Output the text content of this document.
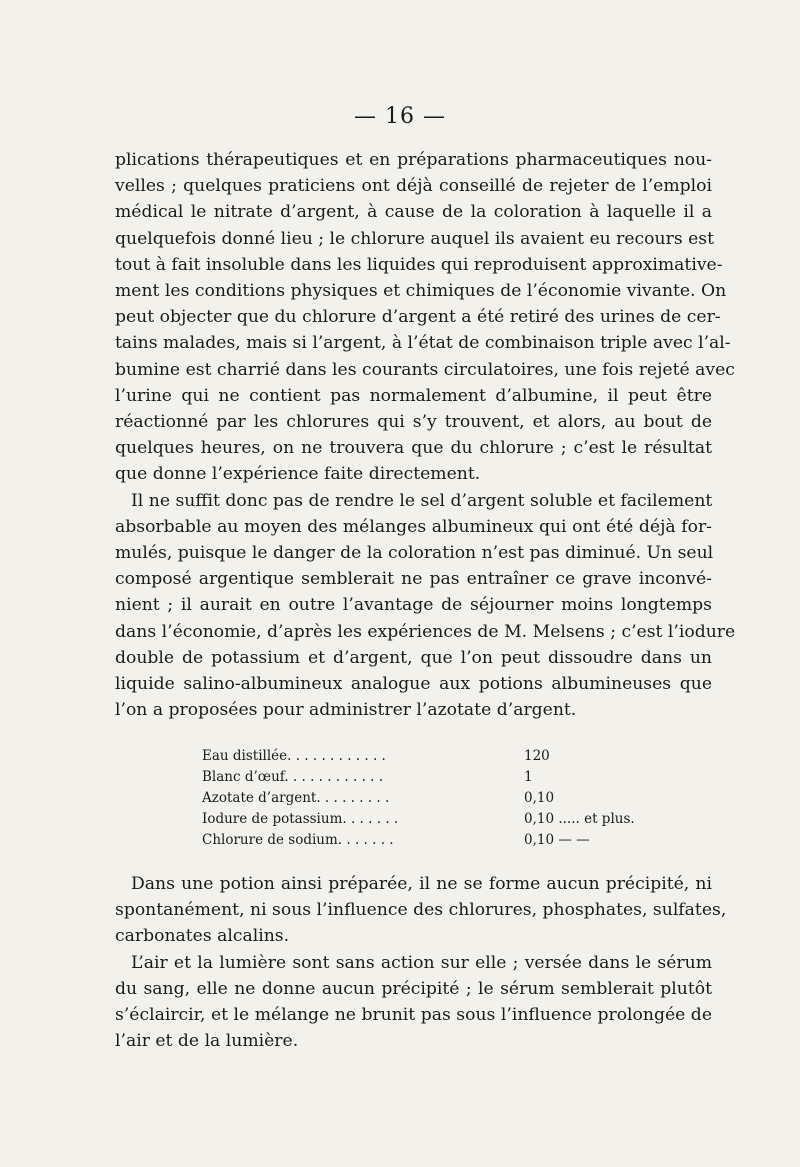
— 16 —
plications thérapeutiques et en préparations pharmaceutiques nou-
velles ; quelques praticiens ont déjà conseillé de rejeter de l’emploi
médical le nitrate d’argent, à cause de la coloration à laquelle il a
quelquefois donné lieu ; le chlorure auquel ils avaient eu recours est
tout à fait insoluble dans les liquides qui reproduisent approximative-
ment les conditions physiques et chimiques de l’économie vivante. On
peut objecter que du chlorure d’argent a été retiré des urines de cer-
tains malades, mais si l’argent, à l’état de combinaison triple avec l’al-
bumine est charrié dans les courants circulatoires, une fois rejeté avec
l’urine qui ne contient pas normalement d’albumine, il peut être
réactionné par les chlorures qui s’y trouvent, et alors, au bout de
quelques heures, on ne trouvera que du chlorure ; c’est le résultat
que donne l’expérience faite directement.
Il ne suffit donc pas de rendre le sel d’argent soluble et facilement
absorbable au moyen des mélanges albumineux qui ont été déjà for-
mulés, puisque le danger de la coloration n’est pas diminué. Un seul
composé argentique semblerait ne pas entraîner ce grave inconvé-
nient ; il aurait en outre l’avantage de séjourner moins longtemps
dans l’économie, d’après les expériences de M. Melsens ; c’est l’iodure
double de potassium et d’argent, que l’on peut dissoudre dans un
liquide salino-albumineux analogue aux potions albumineuses que
l’on a proposées pour administrer l’azotate d’argent.
Eau distillée. . . . . . . . . . . .	120
Blanc d’œuf. . . . . . . . . . . .	1
Azotate d’argent. . . . . . . . .	0,10
Iodure de potassium. . . . . . .	0,10 ..... et plus.
Chlorure de sodium. . . . . . .	0,10 — —
Dans une potion ainsi préparée, il ne se forme aucun précipité, ni
spontanément, ni sous l’influence des chlorures, phosphates, sulfates,
carbonates alcalins.
L’air et la lumière sont sans action sur elle ; versée dans le sérum
du sang, elle ne donne aucun précipité ; le sérum semblerait plutôt
s’éclaircir, et le mélange ne brunit pas sous l’influence prolongée de
l’air et de la lumière.
